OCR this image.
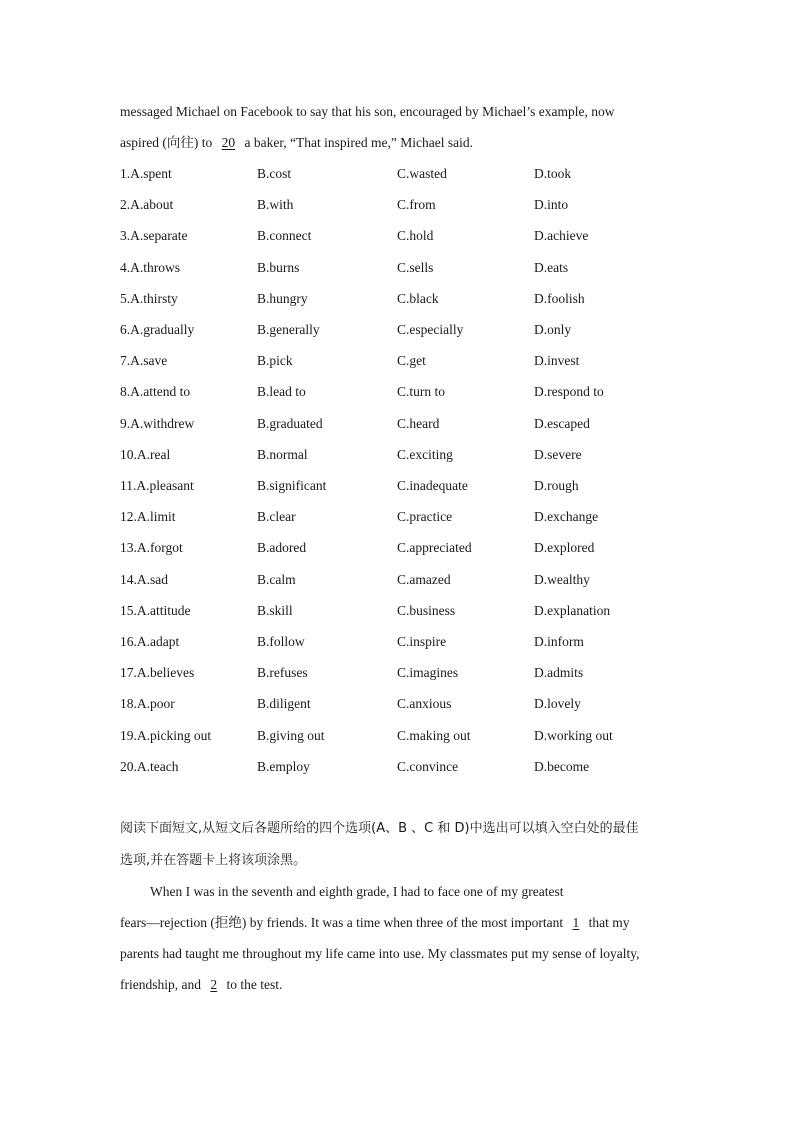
messaged Michael on Facebook to say that his son, encouraged by Michael’s example, now
aspired (向往) to 20 a baker, “That inspired me,” Michael said.
1.A.spent	B.cost	C.wasted	D.took
2.A.about	B.with	C.from	D.into
3.A.separate	B.connect	C.hold	D.achieve
4.A.throws	B.burns	C.sells	D.eats
5.A.thirsty	B.hungry	C.black	D.foolish
6.A.gradually	B.generally	C.especially	D.only
7.A.save	B.pick	C.get	D.invest
8.A.attend to	B.lead to	C.turn to	D.respond to
9.A.withdrew	B.graduated	C.heard	D.escaped
10.A.real	B.normal	C.exciting	D.severe
11.A.pleasant	B.significant	C.inadequate	D.rough
12.A.limit	B.clear	C.practice	D.exchange
13.A.forgot	B.adored	C.appreciated	D.explored
14.A.sad	B.calm	C.amazed	D.wealthy
15.A.attitude	B.skill	C.business	D.explanation
16.A.adapt	B.follow	C.inspire	D.inform
17.A.believes	B.refuses	C.imagines	D.admits
18.A.poor	B.diligent	C.anxious	D.lovely
19.A.picking out	B.giving out	C.making out	D.working out
20.A.teach	B.employ	C.convince	D.become
阅读下面短文,从短文后各题所给的四个选项(A、B 、C 和 D)中选出可以填入空白处的最佳
选项,并在答题卡上将该项涂黑。
When I was in the seventh and eighth grade, I had to face one of my greatest
fears—rejection (拒绝) by friends. It was a time when three of the most important 1 that my
parents had taught me throughout my life came into use. My classmates put my sense of loyalty,
friendship, and 2 to the test.
